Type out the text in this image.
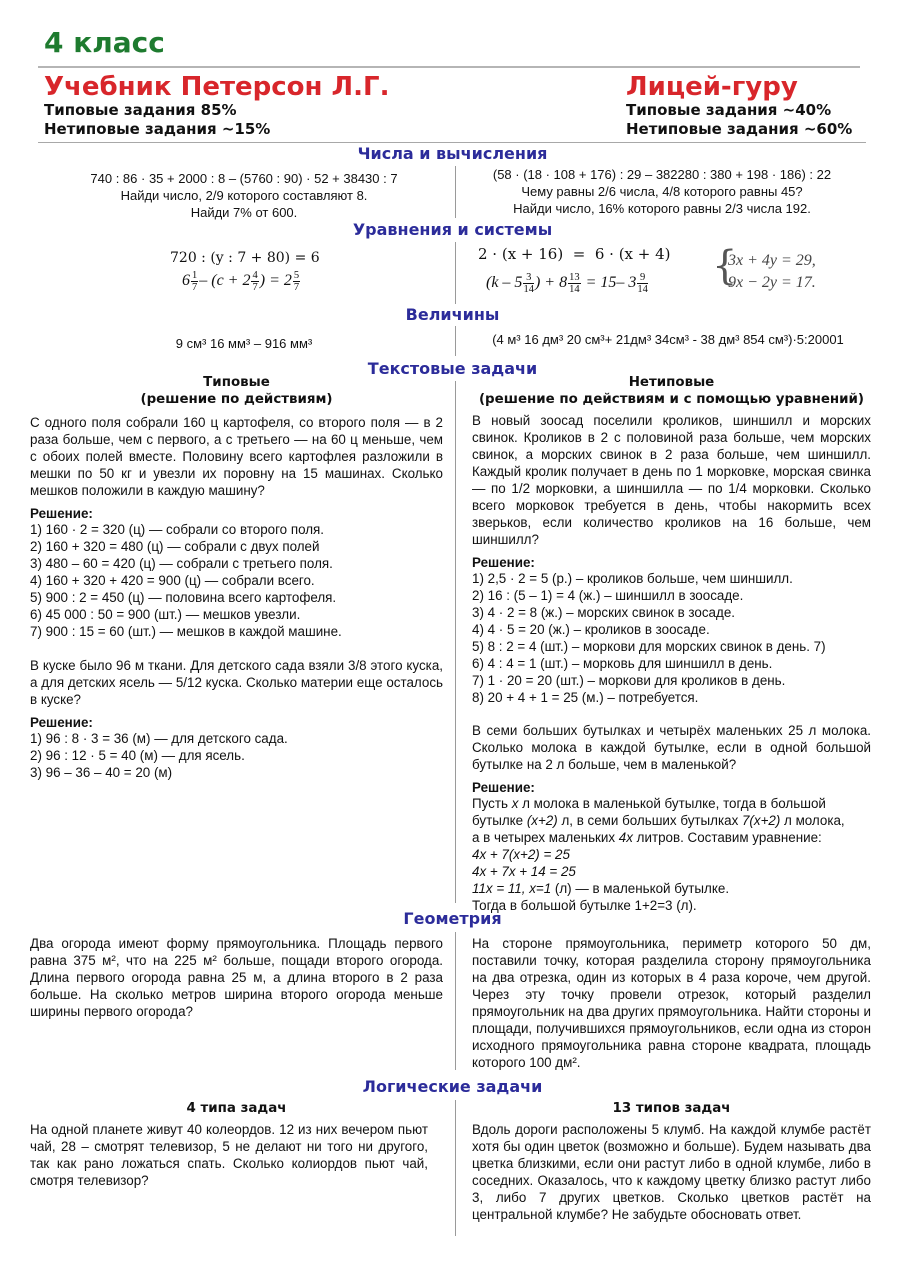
4 класс
Учебник Петерсон Л.Г.
Типовые задания 85%
Нетиповые задания ~15%
Лицей-гуру
Типовые задания ~40%
Нетиповые задания ~60%
Числа и вычисления
740 : 86 · 35 + 2000 : 8 – (5760 : 90) · 52 + 38430 : 7
Найди число, 2/9 которого составляют 8.
Найди 7% от 600.
(58 · (18 · 108 + 176) : 29 – 382280 : 380 + 198 · 186) : 22
Чему равны 2/6 числа, 4/8 которого равны 45?
Найди число, 16% которого равны 2/3 числа 192.
Уравнения и системы
720 : (y : 7 + 80) = 6
$6 \frac{1}{7} - (c + 2 \frac{4}{7}$ ) = $2 \frac{5}{7}$
2 · (x + 16)  =  6 · (x + 4)
($k - 5 \frac{3}{14}$ ) + $8 \frac{13}{14} = 15-$ $3 \frac{9}{14}$ {
3x + 4y = 29,
9x − 2y = 17.
Величины
9 см³ 16 мм³ – 916 мм³	(4 м³ 16 дм³ 20 см³+ 21дм³ 34см³ - 38 дм³ 854 см³)·5:20001
Текстовые задачи
Типовые
(решение по действиям)
С одного поля собрали 160 ц картофеля, со второго поля — в 2 раза больше, чем с первого, а с третьего — на 60 ц меньше, чем с обоих полей вместе. Половину всего картофлея разложили в мешки по 50 кг и увезли их поровну на 15 машинах. Сколько мешков положили в каждую машину?
Решение:
1) 160 · 2 = 320 (ц) — собрали со второго поля.
2) 160 + 320 = 480 (ц) — собрали с двух полей
3) 480 – 60 = 420 (ц) — собрали с третьего поля.
4) 160 + 320 + 420 = 900 (ц) — собрали всего.
5) 900 : 2 = 450 (ц) — половина всего картофеля.
6) 45 000 : 50 = 900 (шт.) — мешков увезли.
7) 900 : 15 = 60 (шт.) — мешков в каждой машине.
В куске было 96 м ткани. Для детского сада взяли 3/8 этого куска, а для детских ясель — 5/12 куска. Сколько материи еще осталось в куске?
Решение:
1) 96 : 8 · 3 = 36 (м) — для детского сада.
2) 96 : 12 · 5 = 40 (м) — для ясель.
3) 96 – 36 – 40 = 20 (м)
Нетиповые
(решение по действиям и с помощью уравнений)
В новый зоосад поселили кроликов, шиншилл и морских свинок. Кроликов в 2 с половиной раза больше, чем морских свинок, а морских свинок в 2 раза больше, чем шиншилл. Каждый кролик получает в день по 1 морковке, морская свинка — по 1/2 морковки, а шиншилла — по 1/4 морковки. Сколько всего морковок требуется в день, чтобы накормить всех зверьков, если количество кроликов на 16 больше, чем шиншилл?
Решение:
1) 2,5 · 2 = 5 (р.) – кроликов больше, чем шиншилл.
2) 16 : (5 – 1) = 4 (ж.) – шиншилл в зоосаде.
3) 4 · 2 = 8 (ж.) – морских свинок в зосаде.
4) 4 · 5 = 20 (ж.) – кроликов в зоосаде.
5) 8 : 2 = 4 (шт.) – моркови для морских свинок в день. 7)
6) 4 : 4 = 1 (шт.) – морковь для шиншилл в день.
7) 1 · 20 = 20 (шт.) – моркови для кроликов в день.
8) 20 + 4 + 1 = 25 (м.) – потребуется.
В семи больших бутылках и четырёх маленьких 25 л молока. Сколько молока в каждой бутылке, если в одной большой бутылке на 2 л больше, чем в маленькой?
Решение:
Пусть x л молока в маленькой бутылке, тогда в большой
бутылке (x+2) л, в семи больших бутылках 7(x+2) л молока,
а в четырех маленьких 4x литров. Составим уравнение:
4x + 7(x+2) = 25
4x + 7x + 14 = 25
11x = 11, x=1 (л) — в маленькой бутылке.
Тогда в большой бутылке 1+2=3 (л).
Геометрия
Два огорода имеют форму прямоугольника. Площадь первого равна 375 м², что на 225 м² больше, пощади второго огорода. Длина первого огорода равна 25 м, а длина второго в 2 раза больше. На сколько метров ширина второго огорода меньше ширины первого огорода?
На стороне прямоугольника, периметр которого 50 дм, поставили точку, которая разделила сторону прямоугольника на два отрезка, один из которых в 4 раза короче, чем другой. Через эту точку провели отрезок, который разделил прямоугольник на два других прямоугольника. Найти стороны и площади, получившихся прямоугольников, если одна из сторон исходного прямоугольника равна стороне квадрата, площадь которого 100 дм².
Логические задачи
4 типа задач	13 типов задач
На одной планете живут 40 колеордов. 12 из них вечером пьют чай, 28 – смотрят телевизор, 5 не делают ни того ни другого, так как рано ложаться спать. Сколько колиордов пьют чай, смотря телевизор?
Вдоль дороги расположены 5 клумб. На каждой клумбе растёт хотя бы один цветок (возможно и больше). Будем называть два цветка близкими, если они растут либо в одной клумбе, либо в соседних. Оказалось, что к каждому цветку близко растут либо 3, либо 7 других цветков. Сколько цветков растёт на центральной клумбе? Не забудьте обосновать ответ.
